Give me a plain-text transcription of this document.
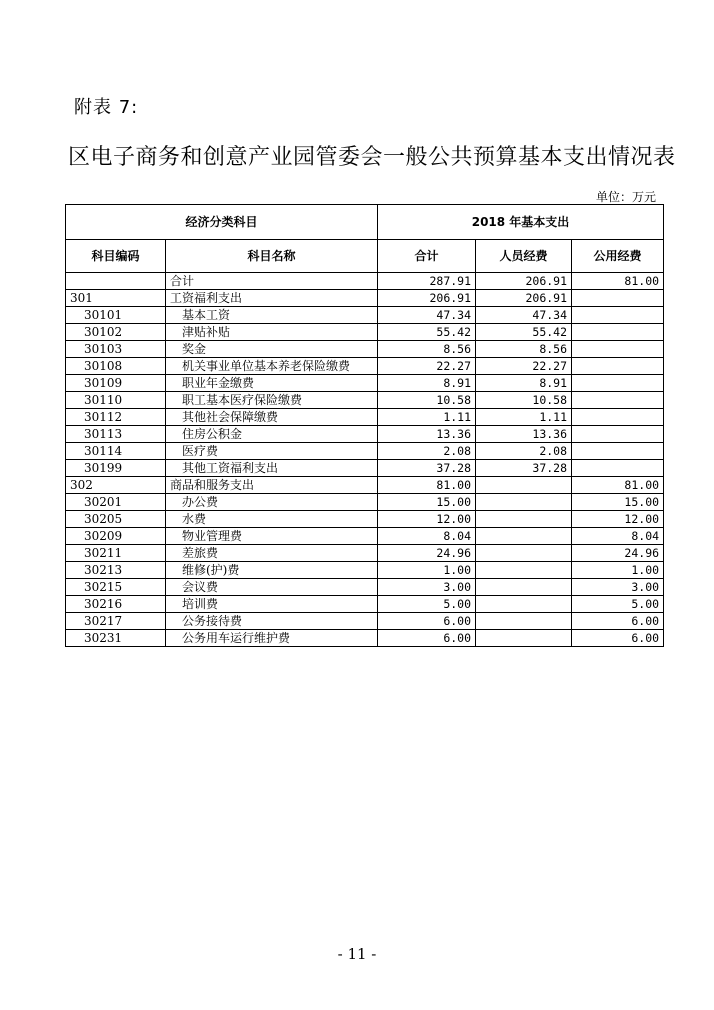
附表 7:
区电子商务和创意产业园管委会一般公共预算基本支出情况表
单位：万元
经济分类科目		2018 年基本支出		
科目编码	科目名称	合计	人员经费	公用经费
	合计	287.91	206.91	81.00
301	工资福利支出	206.91	206.91	
30101	基本工资	47.34	47.34	
30102	津贴补贴	55.42	55.42	
30103	奖金	8.56	8.56	
30108	机关事业单位基本养老保险缴费	22.27	22.27	
30109	职业年金缴费	8.91	8.91	
30110	职工基本医疗保险缴费	10.58	10.58	
30112	其他社会保障缴费	1.11	1.11	
30113	住房公积金	13.36	13.36	
30114	医疗费	2.08	2.08	
30199	其他工资福利支出	37.28	37.28	
302	商品和服务支出	81.00		81.00
30201	办公费	15.00		15.00
30205	水费	12.00		12.00
30209	物业管理费	8.04		8.04
30211	差旅费	24.96		24.96
30213	维修(护)费	1.00		1.00
30215	会议费	3.00		3.00
30216	培训费	5.00		5.00
30217	公务接待费	6.00		6.00
30231	公务用车运行维护费	6.00		6.00
- 11 -
